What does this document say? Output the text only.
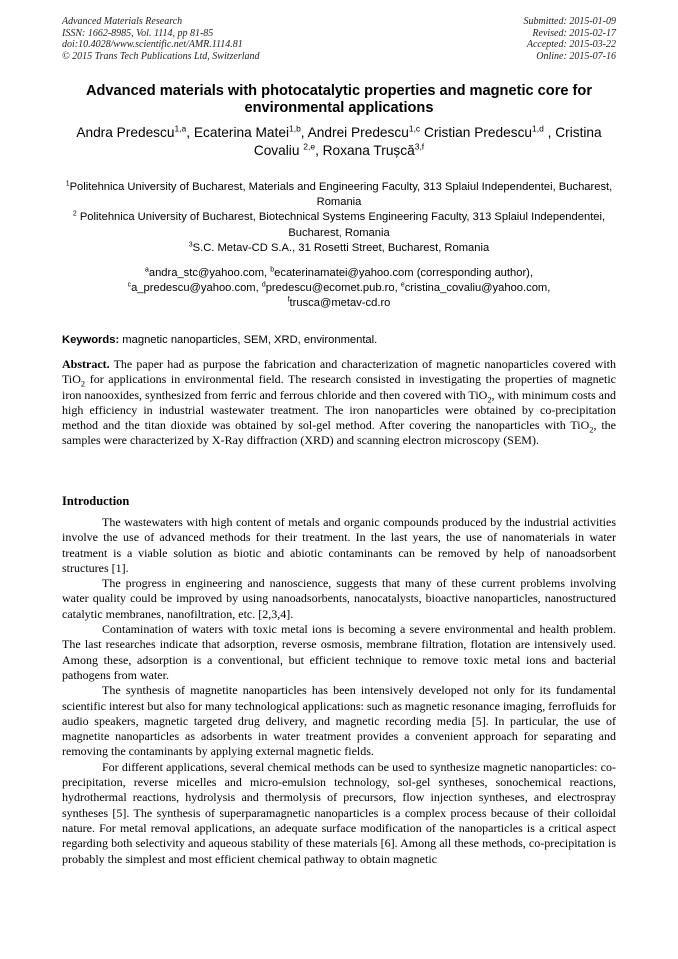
Advanced Materials Research
ISSN: 1662-8985, Vol. 1114, pp 81-85
doi:10.4028/www.scientific.net/AMR.1114.81
© 2015 Trans Tech Publications Ltd, Switzerland
Submitted: 2015-01-09
Revised: 2015-02-17
Accepted: 2015-03-22
Online: 2015-07-16
Advanced materials with photocatalytic properties and magnetic core for environmental applications
Andra Predescu$^{1,a}$, Ecaterina Matei$^{1,b}$, Andrei Predescu$^{1,c}$ Cristian Predescu$^{1,d}$ , Cristina Covaliu $^{2,e}$, Roxana Trușcă$^{3,f}$
$^1$Politehnica University of Bucharest, Materials and Engineering Faculty, 313 Splaiul Independentei, Bucharest, Romania
$^2$ Politehnica University of Bucharest, Biotechnical Systems Engineering Faculty, 313 Splaiul Independentei, Bucharest, Romania
$^3$S.C. Metav-CD S.A., 31 Rosetti Street, Bucharest, Romania
$^a$andra_stc@yahoo.com, $^b$ecaterinamatei@yahoo.com (corresponding author),
$^c$a_predescu@yahoo.com, $^d$predescu@ecomet.pub.ro, $^e$cristina_covaliu@yahoo.com,
$^f$trusca@metav-cd.ro
Keywords: magnetic nanoparticles, SEM, XRD, environmental.

Abstract. The paper had as purpose the fabrication and characterization of magnetic nanoparticles covered with TiO$_2$ for applications in environmental field. The research consisted in investigating the properties of magnetic iron nanooxides, synthesized from ferric and ferrous chloride and then covered with TiO$_2$, with minimum costs and high efficiency in industrial wastewater treatment. The iron nanoparticles were obtained by co-precipitation method and the titan dioxide was obtained by sol-gel method. After covering the nanoparticles with TiO$_2$, the samples were characterized by X-Ray diffraction (XRD) and scanning electron microscopy (SEM).

Introduction

The wastewaters with high content of metals and organic compounds produced by the industrial activities involve the use of advanced methods for their treatment. In the last years, the use of nanomaterials in water treatment is a viable solution as biotic and abiotic contaminants can be removed by help of nanoadsorbent structures [1].

The progress in engineering and nanoscience, suggests that many of these current problems involving water quality could be improved by using nanoadsorbents, nanocatalysts, bioactive nanoparticles, nanostructured catalytic membranes, nanofiltration, etc. [2,3,4].

Contamination of waters with toxic metal ions is becoming a severe environmental and health problem. The last researches indicate that adsorption, reverse osmosis, membrane filtration, flotation are intensively used. Among these, adsorption is a conventional, but efficient technique to remove toxic metal ions and bacterial pathogens from water.

The synthesis of magnetite nanoparticles has been intensively developed not only for its fundamental scientific interest but also for many technological applications: such as magnetic resonance imaging, ferrofluids for audio speakers, magnetic targeted drug delivery, and magnetic recording media [5]. In particular, the use of magnetite nanoparticles as adsorbents in water treatment provides a convenient approach for separating and removing the contaminants by applying external magnetic fields.

For different applications, several chemical methods can be used to synthesize magnetic nanoparticles: co-precipitation, reverse micelles and micro-emulsion technology, sol-gel syntheses, sonochemical reactions, hydrothermal reactions, hydrolysis and thermolysis of precursors, flow injection syntheses, and electrospray syntheses [5]. The synthesis of superparamagnetic nanoparticles is a complex process because of their colloidal nature. For metal removal applications, an adequate surface modification of the nanoparticles is a critical aspect regarding both selectivity and aqueous stability of these materials [6]. Among all these methods, co-precipitation is probably the simplest and most efficient chemical pathway to obtain magnetic
